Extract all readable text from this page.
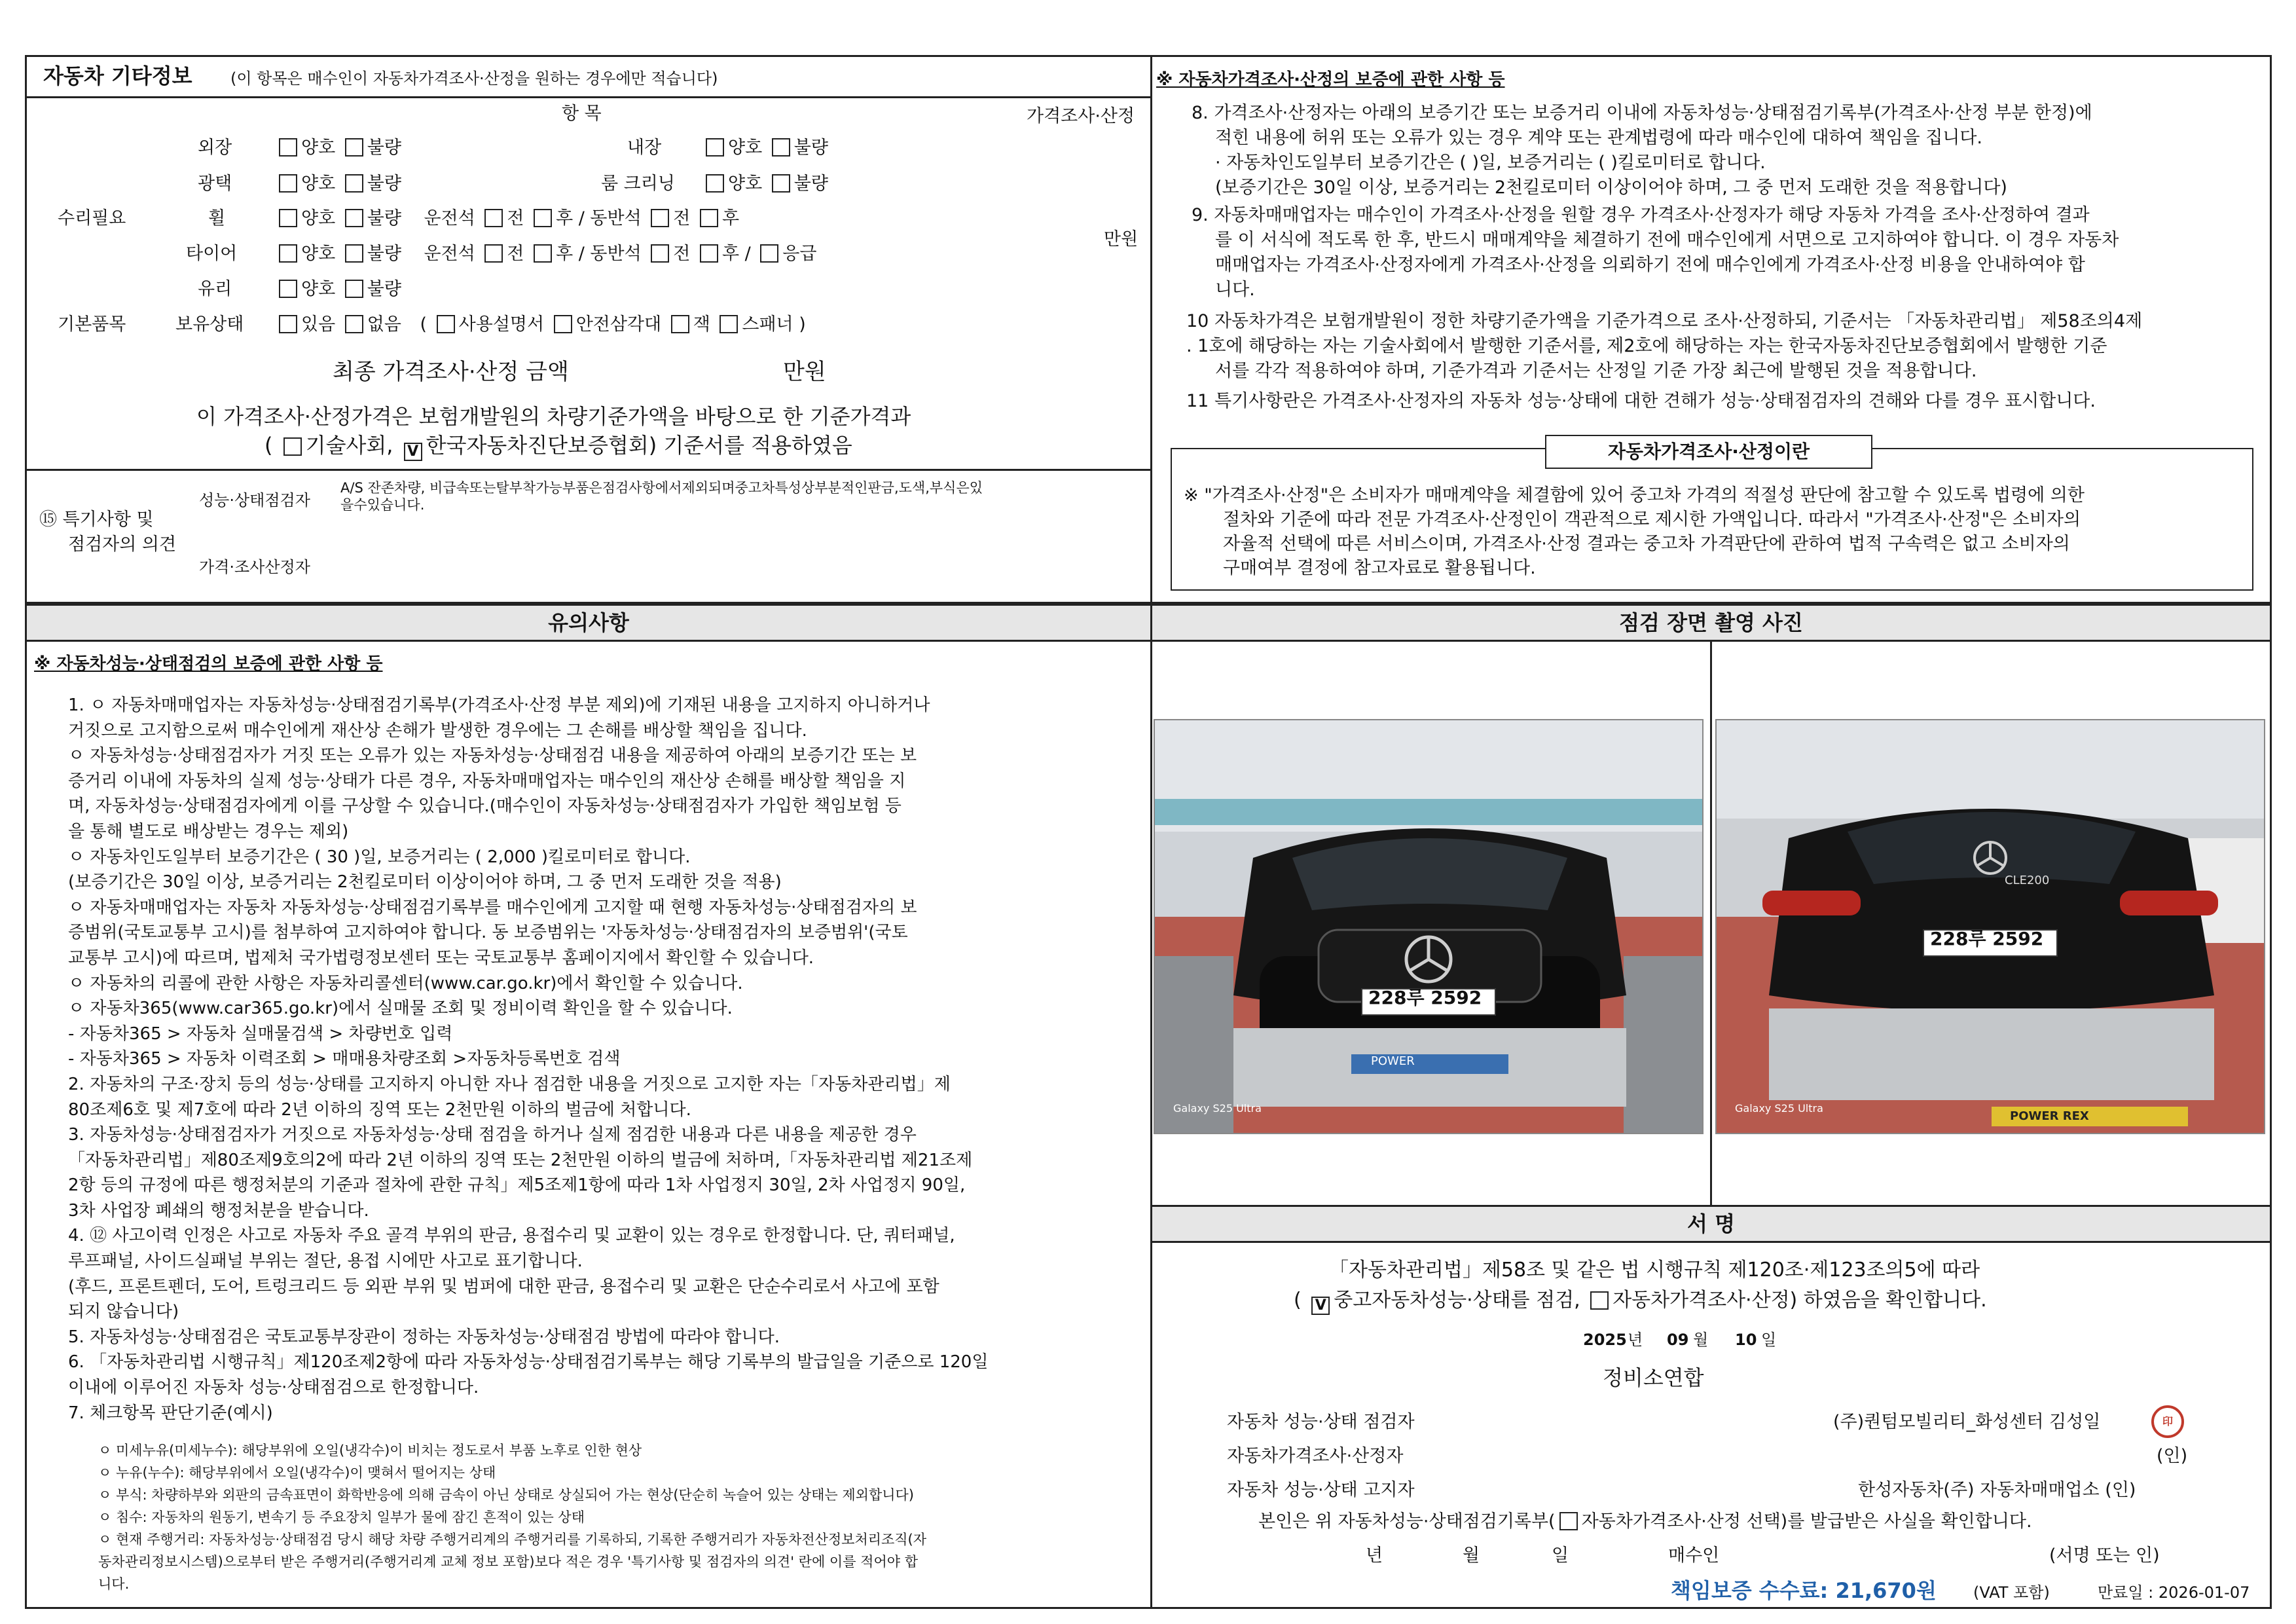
자동차 기타정보 (이 항목은 매수인이 자동차가격조사·산정을 원하는 경우에만 적습니다)
항 목	가격조사·산정
수리필요
만원
외장	양호 불량	내장	양호 불량
광택	양호 불량	룸 크리닝	양호 불량
휠	양호 불량 운전석 전 후 / 동반석 전 후
타이어	양호 불량 운전석 전 후 / 동반석 전 후 / 응급
유리	양호 불량
기본품목	보유상태	있음 없음 ( 사용설명서 안전삼각대 잭 스패너 )
최종 가격조사·산정 금액	만원
이 가격조사·산정가격은 보험개발원의 차량기준가액을 바탕으로 한 기준가격과
( 기술사회, V 한국자동차진단보증협회) 기준서를 적용하였음
⑮ 특기사항 및
점검자의 의견
성능·상태점검자
A/S 잔존차량, 비급속또는탈부착가능부품은점검사항에서제외되며중고차특성상부분적인판금,도색,부식은있
을수있습니다.
가격·조사산정자
※ 자동차가격조사·산정의 보증에 관한 사항 등
8. 가격조사·산정자는 아래의 보증기간 또는 보증거리 이내에 자동차성능·상태점검기록부(가격조사·산정 부분 한정)에
적힌 내용에 허위 또는 오류가 있는 경우 계약 또는 관계법령에 따라 매수인에 대하여 책임을 집니다.
· 자동차인도일부터 보증기간은 ( )일, 보증거리는 ( )킬로미터로 합니다.
(보증기간은 30일 이상, 보증거리는 2천킬로미터 이상이어야 하며, 그 중 먼저 도래한 것을 적용합니다)
9. 자동차매매업자는 매수인이 가격조사·산정을 원할 경우 가격조사·산정자가 해당 자동차 가격을 조사·산정하여 결과
를 이 서식에 적도록 한 후, 반드시 매매계약을 체결하기 전에 매수인에게 서면으로 고지하여야 합니다. 이 경우 자동차
매매업자는 가격조사·산정자에게 가격조사·산정을 의뢰하기 전에 매수인에게 가격조사·산정 비용을 안내하여야 합
니다.
10 자동차가격은 보험개발원이 정한 차량기준가액을 기준가격으로 조사·산정하되, 기준서는 「자동차관리법」 제58조의4제
. 1호에 해당하는 자는 기술사회에서 발행한 기준서를, 제2호에 해당하는 자는 한국자동차진단보증협회에서 발행한 기준
서를 각각 적용하여야 하며, 기준가격과 기준서는 산정일 기준 가장 최근에 발행된 것을 적용합니다.
11 특기사항란은 가격조사·산정자의 자동차 성능·상태에 대한 견해가 성능·상태점검자의 견해와 다를 경우 표시합니다.
자동차가격조사·산정이란
※ "가격조사·산정"은 소비자가 매매계약을 체결함에 있어 중고차 가격의 적절성 판단에 참고할 수 있도록 법령에 의한
절차와 기준에 따라 전문 가격조사·산정인이 객관적으로 제시한 가액입니다. 따라서 "가격조사·산정"은 소비자의
자율적 선택에 따른 서비스이며, 가격조사·산정 결과는 중고차 가격판단에 관하여 법적 구속력은 없고 소비자의
구매여부 결정에 참고자료로 활용됩니다.
유의사항
※ 자동차성능·상태점검의 보증에 관한 사항 등
1. ㅇ 자동차매매업자는 자동차성능·상태점검기록부(가격조사·산정 부분 제외)에 기재된 내용을 고지하지 아니하거나
거짓으로 고지함으로써 매수인에게 재산상 손해가 발생한 경우에는 그 손해를 배상할 책임을 집니다.
ㅇ 자동차성능·상태점검자가 거짓 또는 오류가 있는 자동차성능·상태점검 내용을 제공하여 아래의 보증기간 또는 보
증거리 이내에 자동차의 실제 성능·상태가 다른 경우, 자동차매매업자는 매수인의 재산상 손해를 배상할 책임을 지
며, 자동차성능·상태점검자에게 이를 구상할 수 있습니다.(매수인이 자동차성능·상태점검자가 가입한 책임보험 등
을 통해 별도로 배상받는 경우는 제외)
ㅇ 자동차인도일부터 보증기간은 ( 30 )일, 보증거리는 ( 2,000 )킬로미터로 합니다.
(보증기간은 30일 이상, 보증거리는 2천킬로미터 이상이어야 하며, 그 중 먼저 도래한 것을 적용)
ㅇ 자동차매매업자는 자동차 자동차성능·상태점검기록부를 매수인에게 고지할 때 현행 자동차성능·상태점검자의 보
증범위(국토교통부 고시)를 첨부하여 고지하여야 합니다. 동 보증범위는 '자동차성능·상태점검자의 보증범위'(국토
교통부 고시)에 따르며, 법제처 국가법령정보센터 또는 국토교통부 홈페이지에서 확인할 수 있습니다.
ㅇ 자동차의 리콜에 관한 사항은 자동차리콜센터(www.car.go.kr)에서 확인할 수 있습니다.
ㅇ 자동차365(www.car365.go.kr)에서 실매물 조회 및 정비이력 확인을 할 수 있습니다.
- 자동차365 > 자동차 실매물검색 > 차량번호 입력
- 자동차365 > 자동차 이력조회 > 매매용차량조회 >자동차등록번호 검색
2. 자동차의 구조·장치 등의 성능·상태를 고지하지 아니한 자나 점검한 내용을 거짓으로 고지한 자는「자동차관리법」제
80조제6호 및 제7호에 따라 2년 이하의 징역 또는 2천만원 이하의 벌금에 처합니다.
3. 자동차성능·상태점검자가 거짓으로 자동차성능·상태 점검을 하거나 실제 점검한 내용과 다른 내용을 제공한 경우
「자동차관리법」제80조제9호의2에 따라 2년 이하의 징역 또는 2천만원 이하의 벌금에 처하며,「자동차관리법 제21조제
2항 등의 규정에 따른 행정처분의 기준과 절차에 관한 규칙」제5조제1항에 따라 1차 사업정지 30일, 2차 사업정지 90일,
3차 사업장 폐쇄의 행정처분을 받습니다.
4. ⑫ 사고이력 인정은 사고로 자동차 주요 골격 부위의 판금, 용접수리 및 교환이 있는 경우로 한정합니다. 단, 쿼터패널,
루프패널, 사이드실패널 부위는 절단, 용접 시에만 사고로 표기합니다.
(후드, 프론트펜더, 도어, 트렁크리드 등 외판 부위 및 범퍼에 대한 판금, 용접수리 및 교환은 단순수리로서 사고에 포함
되지 않습니다)
5. 자동차성능·상태점검은 국토교통부장관이 정하는 자동차성능·상태점검 방법에 따라야 합니다.
6. 「자동차관리법 시행규칙」제120조제2항에 따라 자동차성능·상태점검기록부는 해당 기록부의 발급일을 기준으로 120일
이내에 이루어진 자동차 성능·상태점검으로 한정합니다.
7. 체크항목 판단기준(예시)
ㅇ 미세누유(미세누수): 해당부위에 오일(냉각수)이 비치는 정도로서 부품 노후로 인한 현상
ㅇ 누유(누수): 해당부위에서 오일(냉각수)이 맺혀서 떨어지는 상태
ㅇ 부식: 차량하부와 외판의 금속표면이 화학반응에 의해 금속이 아닌 상태로 상실되어 가는 현상(단순히 녹슬어 있는 상태는 제외합니다)
ㅇ 침수: 자동차의 원동기, 변속기 등 주요장치 일부가 물에 잠긴 흔적이 있는 상태
ㅇ 현재 주행거리: 자동차성능·상태점검 당시 해당 차량 주행거리계의 주행거리를 기록하되, 기록한 주행거리가 자동차전산정보처리조직(자
동차관리정보시스템)으로부터 받은 주행거리(주행거리계 교체 정보 포함)보다 적은 경우 '특기사항 및 점검자의 의견' 란에 이를 적어야 합
니다.
점검 장면 촬영 사진
228루 2592
POWER
Galaxy S25 Ultra
228루 2592
CLE200
POWER REX
Galaxy S25 Ultra
서 명
「자동차관리법」제58조 및 같은 법 시행규칙 제120조·제123조의5에 따라
( V 중고자동차성능·상태를 점검, 자동차가격조사·산정) 하였음을 확인합니다.
2025 년 09 월 10 일
정비소연합
자동차 성능·상태 점검자	(주)퀀텀모빌리티_화성센터 김성일	印
자동차가격조사·산정자	(인)
자동차 성능·상태 고지자	한성자동차(주) 자동차매매업소 (인)
본인은 위 자동차성능·상태점검기록부( 자동차가격조사·산정 선택)를 발급받은 사실을 확인합니다.
년	월	일	매수인	(서명 또는 인)
책임보증 수수료: 21,670원 (VAT 포함)	만료일 : 2026-01-07
